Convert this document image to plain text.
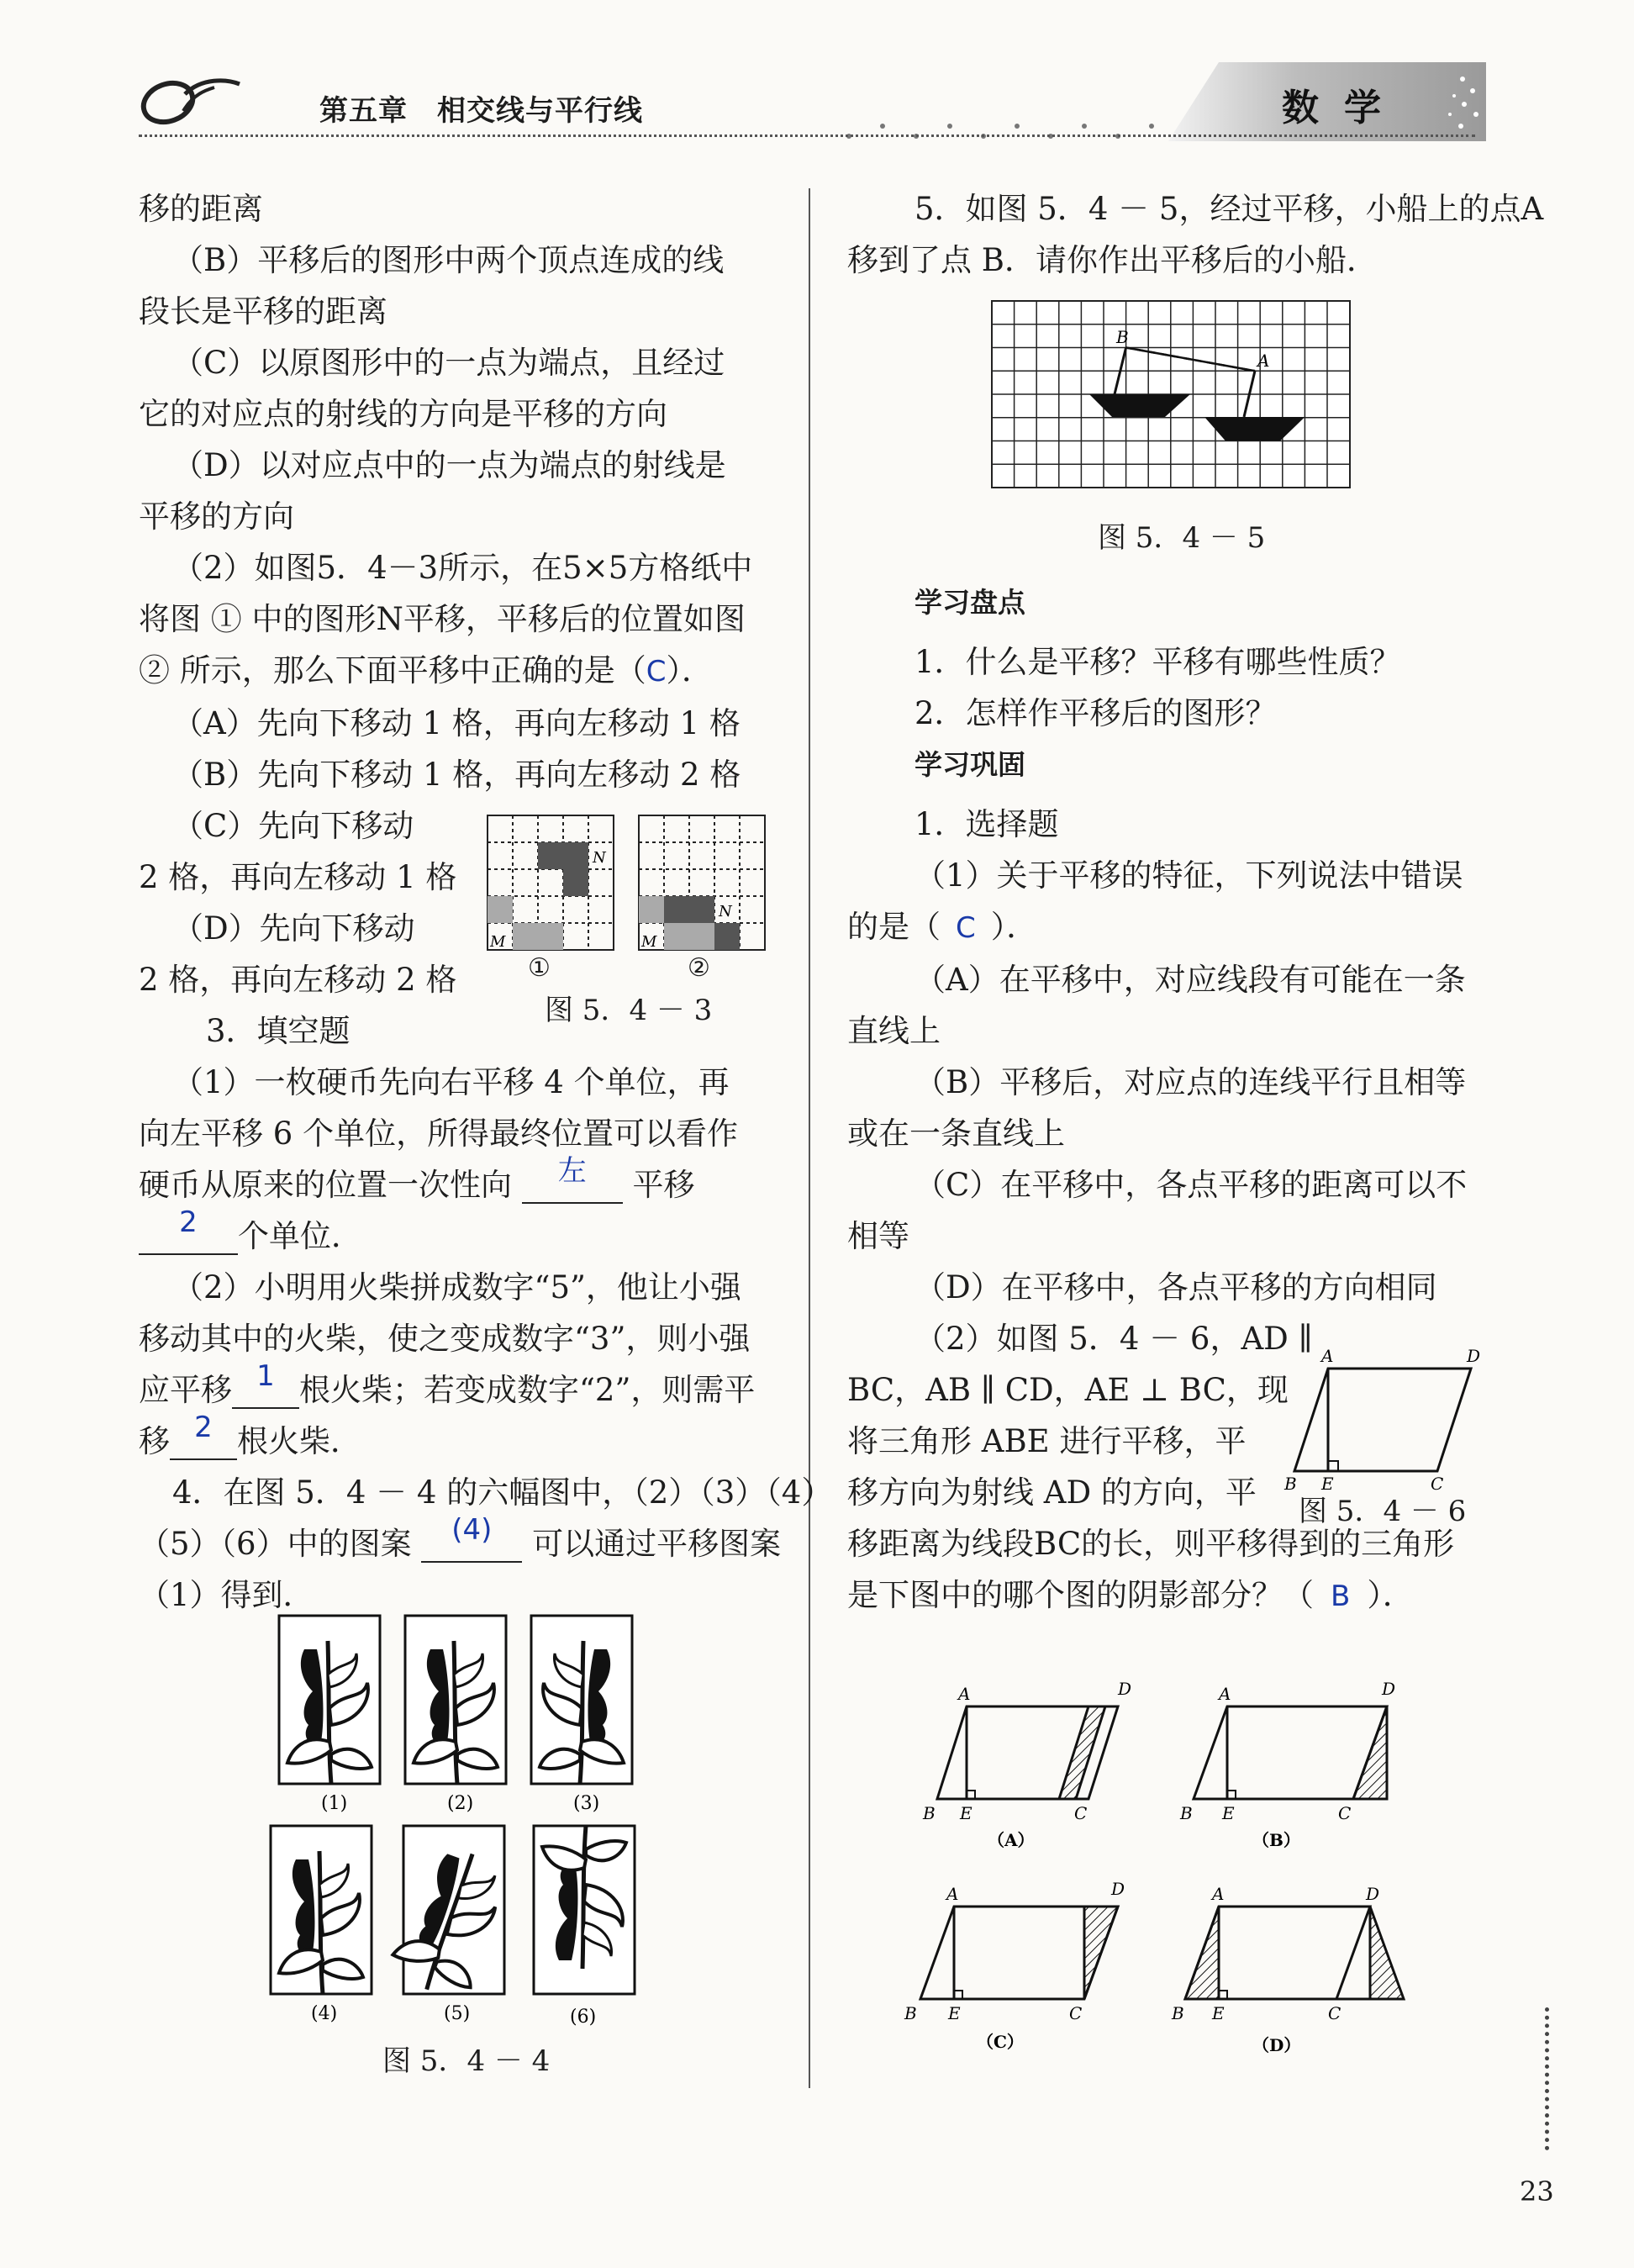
第五章　相交线与平行线	数学

移的距离

（B）平移后的图形中两个顶点连成的线

段长是平移的距离

（C）以原图形中的一点为端点，且经过

它的对应点的射线的方向是平移的方向

（D）以对应点中的一点为端点的射线是

平移的方向

（2）如图5．4－3所示，在5×5方格纸中

将图 ① 中的图形N平移，平移后的位置如图

② 所示，那么下面平移中正确的是（C）．

（A）先向下移动 1 格，再向左移动 1 格

（B）先向下移动 1 格，再向左移动 2 格

（C）先向下移动

2 格，再向左移动 1 格

（D）先向下移动

2 格，再向左移动 2 格

3．填空题

（1）一枚硬币先向右平移 4 个单位，再

向左平移 6 个单位，所得最终位置可以看作

硬币从原来的位置一次性向 左 平移

2 个单位．

（2）小明用火柴拼成数字“5”，他让小强

移动其中的火柴，使之变成数字“3”，则小强

应平移 1 根火柴；若变成数字“2”，则需平

移 2 根火柴．

4．在图 5．4 － 4 的六幅图中，（2）（3）（4）

（5）（6）中的图案 (4) 可以通过平移图案

（1）得到．

N
M
N
M
①	②
图 5．4 － 3
(1)	(2)	(3)
(4)	(5)	(6)
图 5．4 － 4

5．如图 5．4 － 5，经过平移，小船上的点A

移到了点 B．请你作出平移后的小船．

B
A
图 5．4 － 5

学习盘点

1．什么是平移？平移有哪些性质？

2．怎样作平移后的图形？

学习巩固

1．选择题

（1）关于平移的特征，下列说法中错误

的是（ C ）．

（A）在平移中，对应线段有可能在一条

直线上

（B）平移后，对应点的连线平行且相等

或在一条直线上

（C）在平移中，各点平移的距离可以不

相等

（D）在平移中，各点平移的方向相同

（2）如图 5．4 － 6，AD ∥

BC，AB ∥ CD，AE ⊥ BC，现

将三角形 ABE 进行平移，平

移方向为射线 AD 的方向，平

移距离为线段BC的长，则平移得到的三角形

是下图中的哪个图的阴影部分？（ B ）．

A	D
B E	C
图 5．4 － 6
A	D
B E	C
（A）
A	D
B E	C
（B）
A	D
B E	C
（C）
A	D
B E	C
（D）
23
